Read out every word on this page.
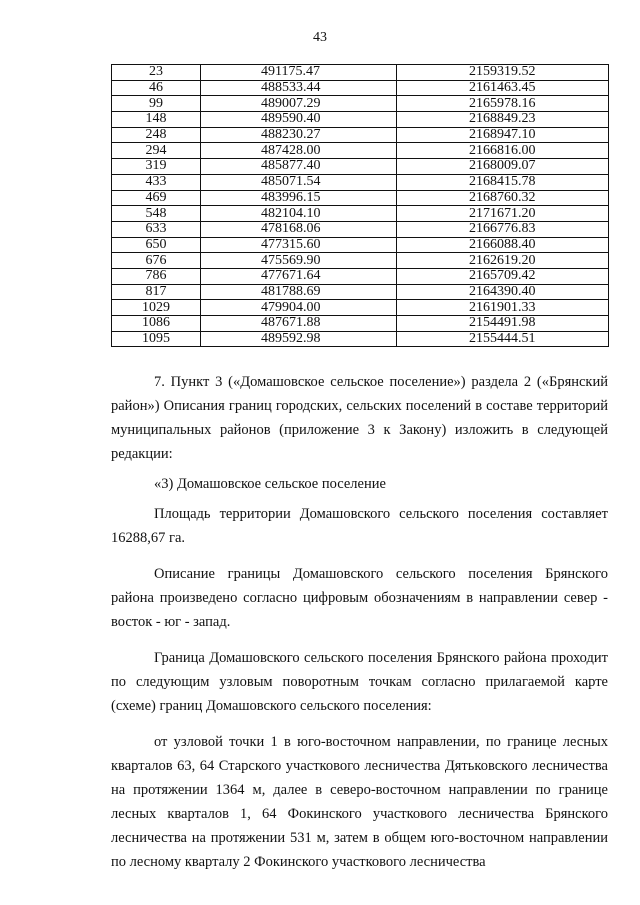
43
23	491175.47	2159319.52
46	488533.44	2161463.45
99	489007.29	2165978.16
148	489590.40	2168849.23
248	488230.27	2168947.10
294	487428.00	2166816.00
319	485877.40	2168009.07
433	485071.54	2168415.78
469	483996.15	2168760.32
548	482104.10	2171671.20
633	478168.06	2166776.83
650	477315.60	2166088.40
676	475569.90	2162619.20
786	477671.64	2165709.42
817	481788.69	2164390.40
1029	479904.00	2161901.33
1086	487671.88	2154491.98
1095	489592.98	2155444.51

7. Пункт 3 («Домашовское сельское поселение») раздела 2 («Брянский район») Описания границ городских, сельских поселений в составе территорий муниципальных районов (приложение 3 к Закону) изложить в следующей редакции:

«3) Домашовское сельское поселение

Площадь территории Домашовского сельского поселения составляет 16288,67 га.

Описание границы Домашовского сельского поселения Брянского района произведено согласно цифровым обозначениям в направлении север - восток - юг - запад.

Граница Домашовского сельского поселения Брянского района проходит по следующим узловым поворотным точкам согласно прилагаемой карте (схеме) границ Домашовского сельского поселения:

от узловой точки 1 в юго-восточном направлении, по границе лесных кварталов 63, 64 Старского участкового лесничества Дятьковского лесничества на протяжении 1364 м, далее в северо-восточном направлении по границе лесных кварталов 1, 64 Фокинского участкового лесничества Брянского лесничества на протяжении 531 м, затем в общем юго-восточном направлении по лесному кварталу 2 Фокинского участкового лесничества
